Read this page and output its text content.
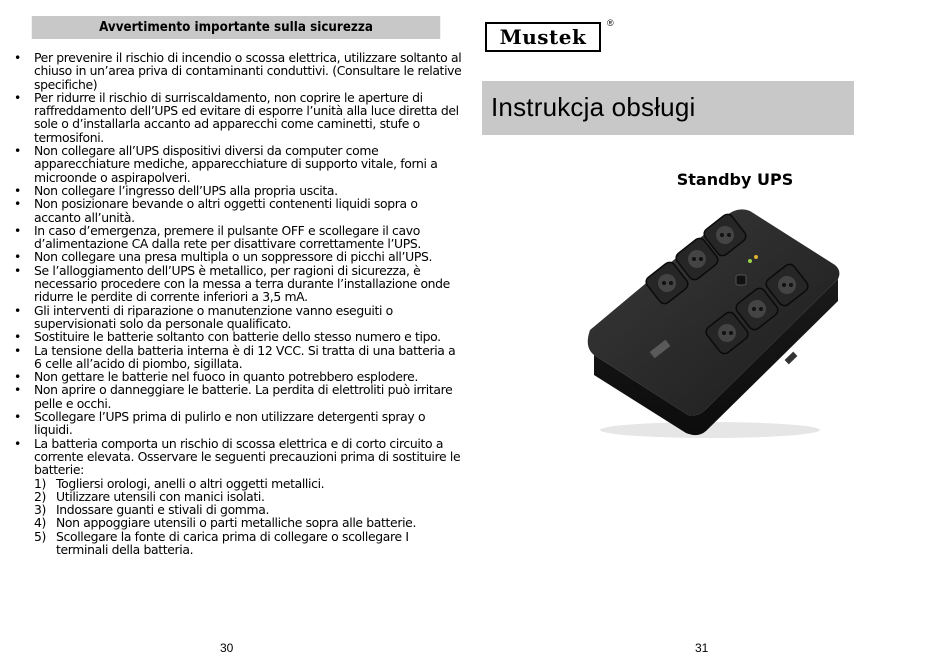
Avvertimento importante sulla sicurezza
•	Per prevenire il rischio di incendio o scossa elettrica, utilizzare soltanto al chiuso in un’area priva di contaminanti conduttivi. (Consultare le relative specifiche)
•	Per ridurre il rischio di surriscaldamento, non coprire le aperture di raffreddamento dell’UPS ed evitare di esporre l’unità alla luce diretta del sole o d’installarla accanto ad apparecchi come caminetti, stufe o termosifoni.
•	Non collegare all’UPS dispositivi diversi da computer come apparecchiature mediche, apparecchiature di supporto vitale, forni a microonde o aspirapolveri.
•	Non collegare l’ingresso dell’UPS alla propria uscita.
•	Non posizionare bevande o altri oggetti contenenti liquidi sopra o accanto all’unità.
•	In caso d’emergenza, premere il pulsante OFF e scollegare il cavo d’alimentazione CA dalla rete per disattivare correttamente l’UPS.
•	Non collegare una presa multipla o un soppressore di picchi all’UPS.
•	Se l’alloggiamento dell’UPS è metallico, per ragioni di sicurezza, è necessario procedere con la messa a terra durante l’installazione onde ridurre le perdite di corrente inferiori a 3,5 mA.
•	Gli interventi di riparazione o manutenzione vanno eseguiti o supervisionati solo da personale qualificato.
•	Sostituire le batterie soltanto con batterie dello stesso numero e tipo.
•	La tensione della batteria interna è di 12 VCC. Si tratta di una batteria a 6 celle all’acido di piombo, sigillata.
•	Non gettare le batterie nel fuoco in quanto potrebbero esplodere.
•	Non aprire o danneggiare le batterie. La perdita di elettroliti può irritare pelle e occhi.
•	Scollegare l’UPS prima di pulirlo e non utilizzare detergenti spray o liquidi.
•	La batteria comporta un rischio di scossa elettrica e di corto circuito a corrente elevata. Osservare le seguenti precauzioni prima di sostituire le batterie:
1) Togliersi orologi, anelli o altri oggetti metallici.
2) Utilizzare utensili con manici isolati.
3) Indossare guanti e stivali di gomma.
4) Non appoggiare utensili o parti metalliche sopra alle batterie.
5) Scollegare la fonte di carica prima di collegare o scollegare I terminali della batteria.
30
Mustek
®
Instrukcja obsługi
Standby UPS
31
